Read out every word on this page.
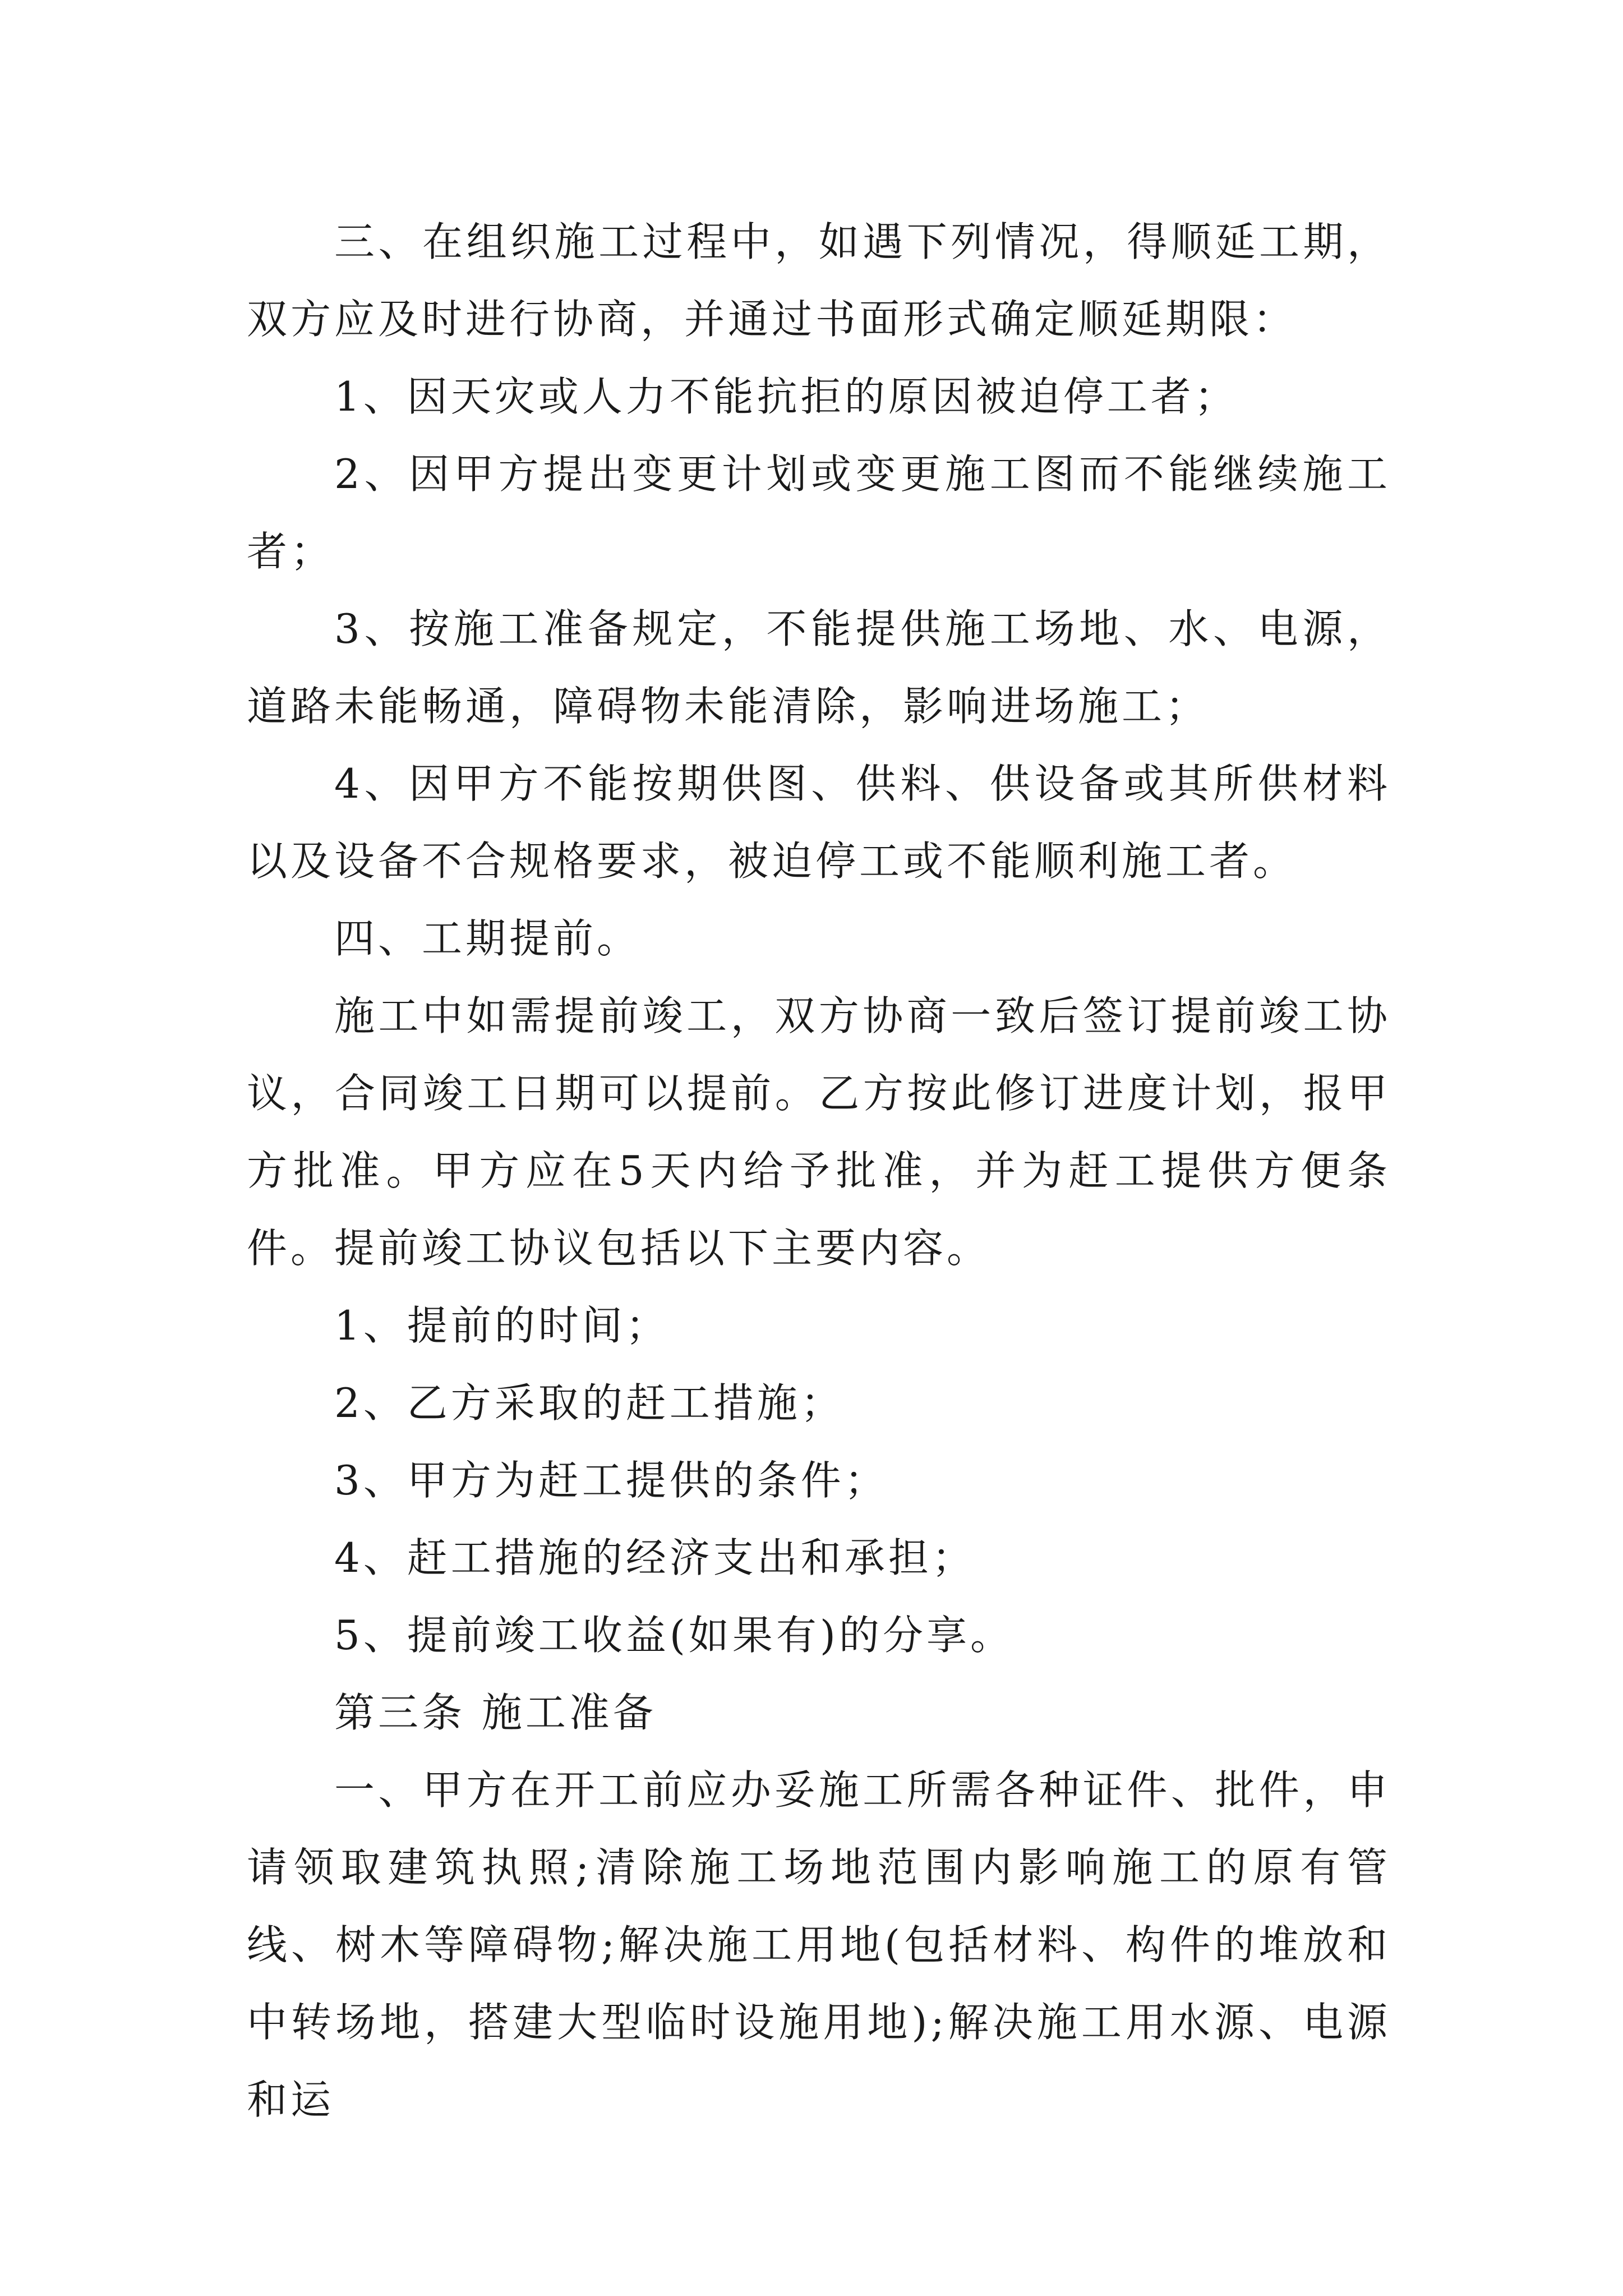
三、在组织施工过程中，如遇下列情况，得顺延工期，双方应及时进行协商，并通过书面形式确定顺延期限：

1、因天灾或人力不能抗拒的原因被迫停工者；

2、因甲方提出变更计划或变更施工图而不能继续施工者；

3、按施工准备规定，不能提供施工场地、水、电源，道路未能畅通，障碍物未能清除，影响进场施工；

4、因甲方不能按期供图、供料、供设备或其所供材料以及设备不合规格要求，被迫停工或不能顺利施工者。

四、工期提前。

施工中如需提前竣工，双方协商一致后签订提前竣工协议，合同竣工日期可以提前。乙方按此修订进度计划，报甲方批准。甲方应在5天内给予批准，并为赶工提供方便条件。提前竣工协议包括以下主要内容。

1、提前的时间；

2、乙方采取的赶工措施；

3、甲方为赶工提供的条件；

4、赶工措施的经济支出和承担；

5、提前竣工收益(如果有)的分享。

第三条 施工准备

一、甲方在开工前应办妥施工所需各种证件、批件，申请领取建筑执照;清除施工场地范围内影响施工的原有管线、树木等障碍物;解决施工用地(包括材料、构件的堆放和中转场地，搭建大型临时设施用地);解决施工用水源、电源和运
